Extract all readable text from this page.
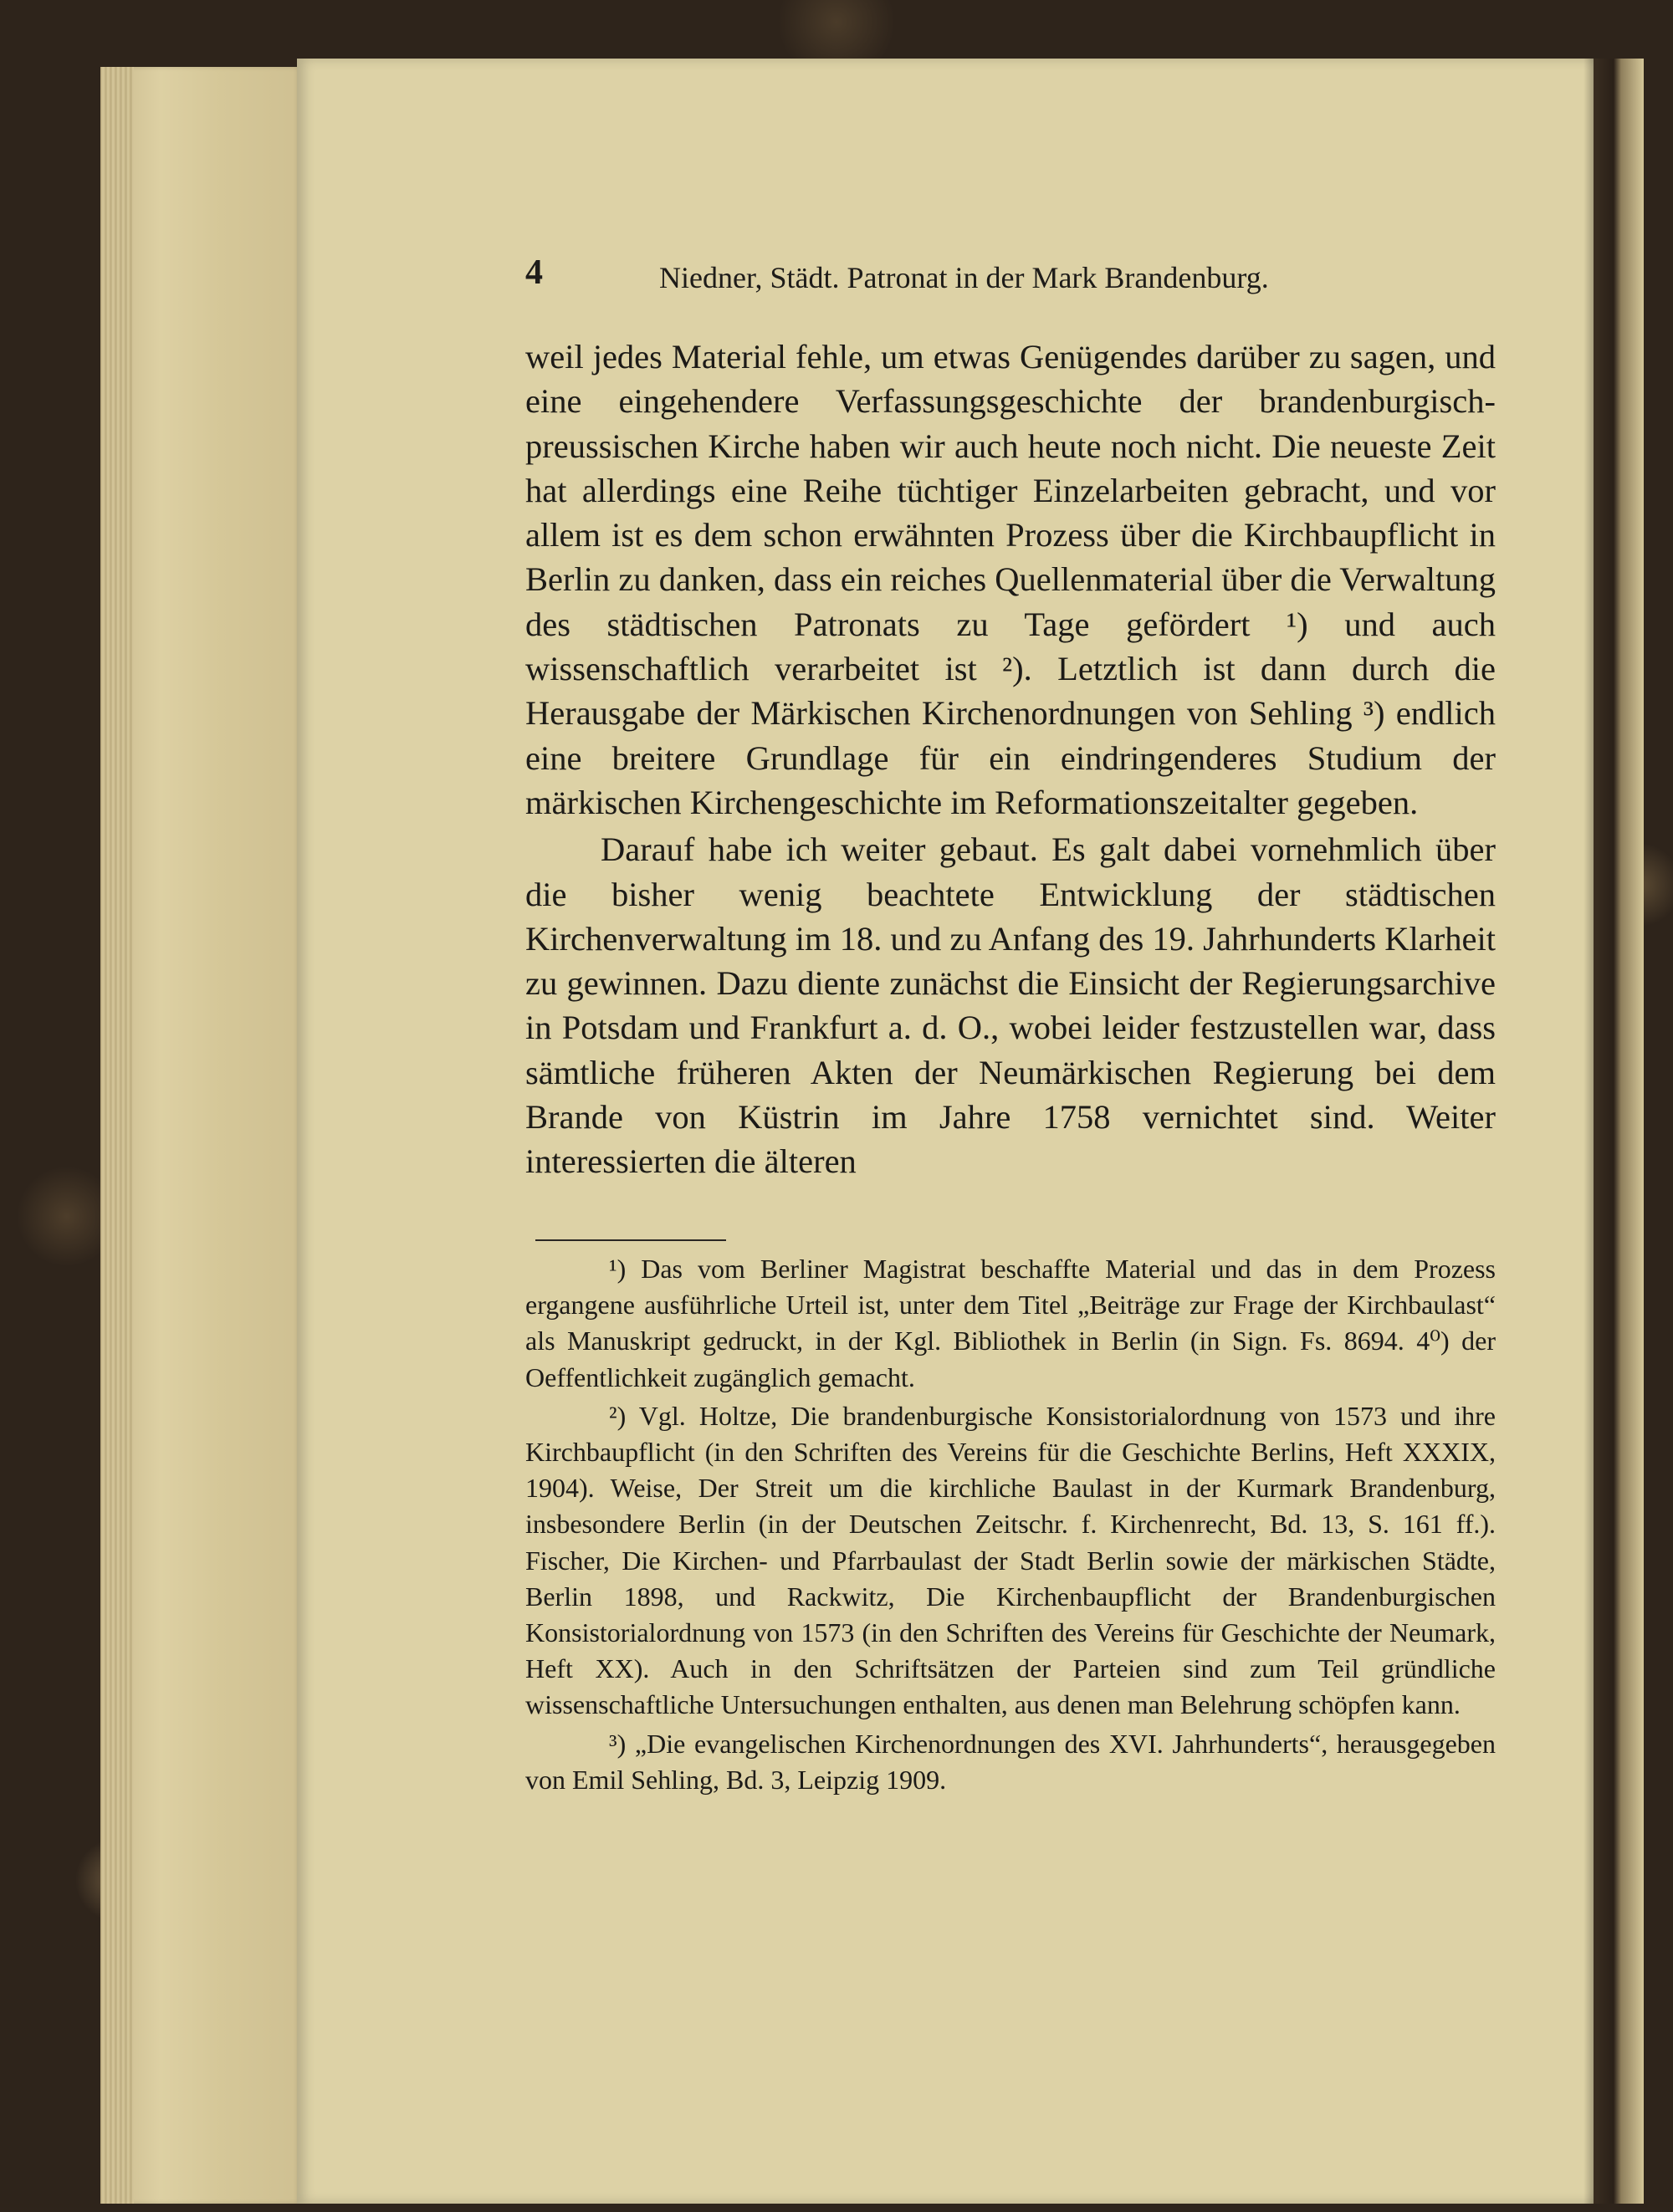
4	Niedner, Städt. Patronat in der Mark Brandenburg.

weil jedes Material fehle, um etwas Genügendes darüber zu sagen, und eine eingehendere Verfassungsgeschichte der brandenburgisch-preussischen Kirche haben wir auch heute noch nicht. Die neueste Zeit hat allerdings eine Reihe tüchtiger Einzelarbeiten gebracht, und vor allem ist es dem schon erwähnten Prozess über die Kirchbaupflicht in Berlin zu danken, dass ein reiches Quellenmaterial über die Verwaltung des städtischen Patronats zu Tage gefördert ¹) und auch wissenschaftlich verarbeitet ist ²). Letztlich ist dann durch die Herausgabe der Märkischen Kirchenordnungen von Sehling ³) endlich eine breitere Grundlage für ein eindringenderes Studium der märkischen Kirchengeschichte im Reformationszeitalter gegeben.

Darauf habe ich weiter gebaut. Es galt dabei vornehmlich über die bisher wenig beachtete Entwicklung der städtischen Kirchenverwaltung im 18. und zu Anfang des 19. Jahrhunderts Klarheit zu gewinnen. Dazu diente zunächst die Einsicht der Regierungsarchive in Potsdam und Frankfurt a. d. O., wobei leider festzustellen war, dass sämtliche früheren Akten der Neumärkischen Regierung bei dem Brande von Küstrin im Jahre 1758 vernichtet sind. Weiter interessierten die älteren

¹) Das vom Berliner Magistrat beschaffte Material und das in dem Prozess ergangene ausführliche Urteil ist, unter dem Titel „Beiträge zur Frage der Kirchbaulast“ als Manuskript gedruckt, in der Kgl. Bibliothek in Berlin (in Sign. Fs. 8694. 4⁰) der Oeffentlichkeit zugänglich gemacht.

²) Vgl. Holtze, Die brandenburgische Konsistorialordnung von 1573 und ihre Kirchbaupflicht (in den Schriften des Vereins für die Geschichte Berlins, Heft XXXIX, 1904). Weise, Der Streit um die kirchliche Baulast in der Kurmark Brandenburg, insbesondere Berlin (in der Deutschen Zeitschr. f. Kirchenrecht, Bd. 13, S. 161 ff.). Fischer, Die Kirchen- und Pfarrbaulast der Stadt Berlin sowie der märkischen Städte, Berlin 1898, und Rackwitz, Die Kirchenbaupflicht der Brandenburgischen Konsistorialordnung von 1573 (in den Schriften des Vereins für Geschichte der Neumark, Heft XX). Auch in den Schriftsätzen der Parteien sind zum Teil gründliche wissenschaftliche Untersuchungen enthalten, aus denen man Belehrung schöpfen kann.

³) „Die evangelischen Kirchenordnungen des XVI. Jahrhunderts“, herausgegeben von Emil Sehling, Bd. 3, Leipzig 1909.
